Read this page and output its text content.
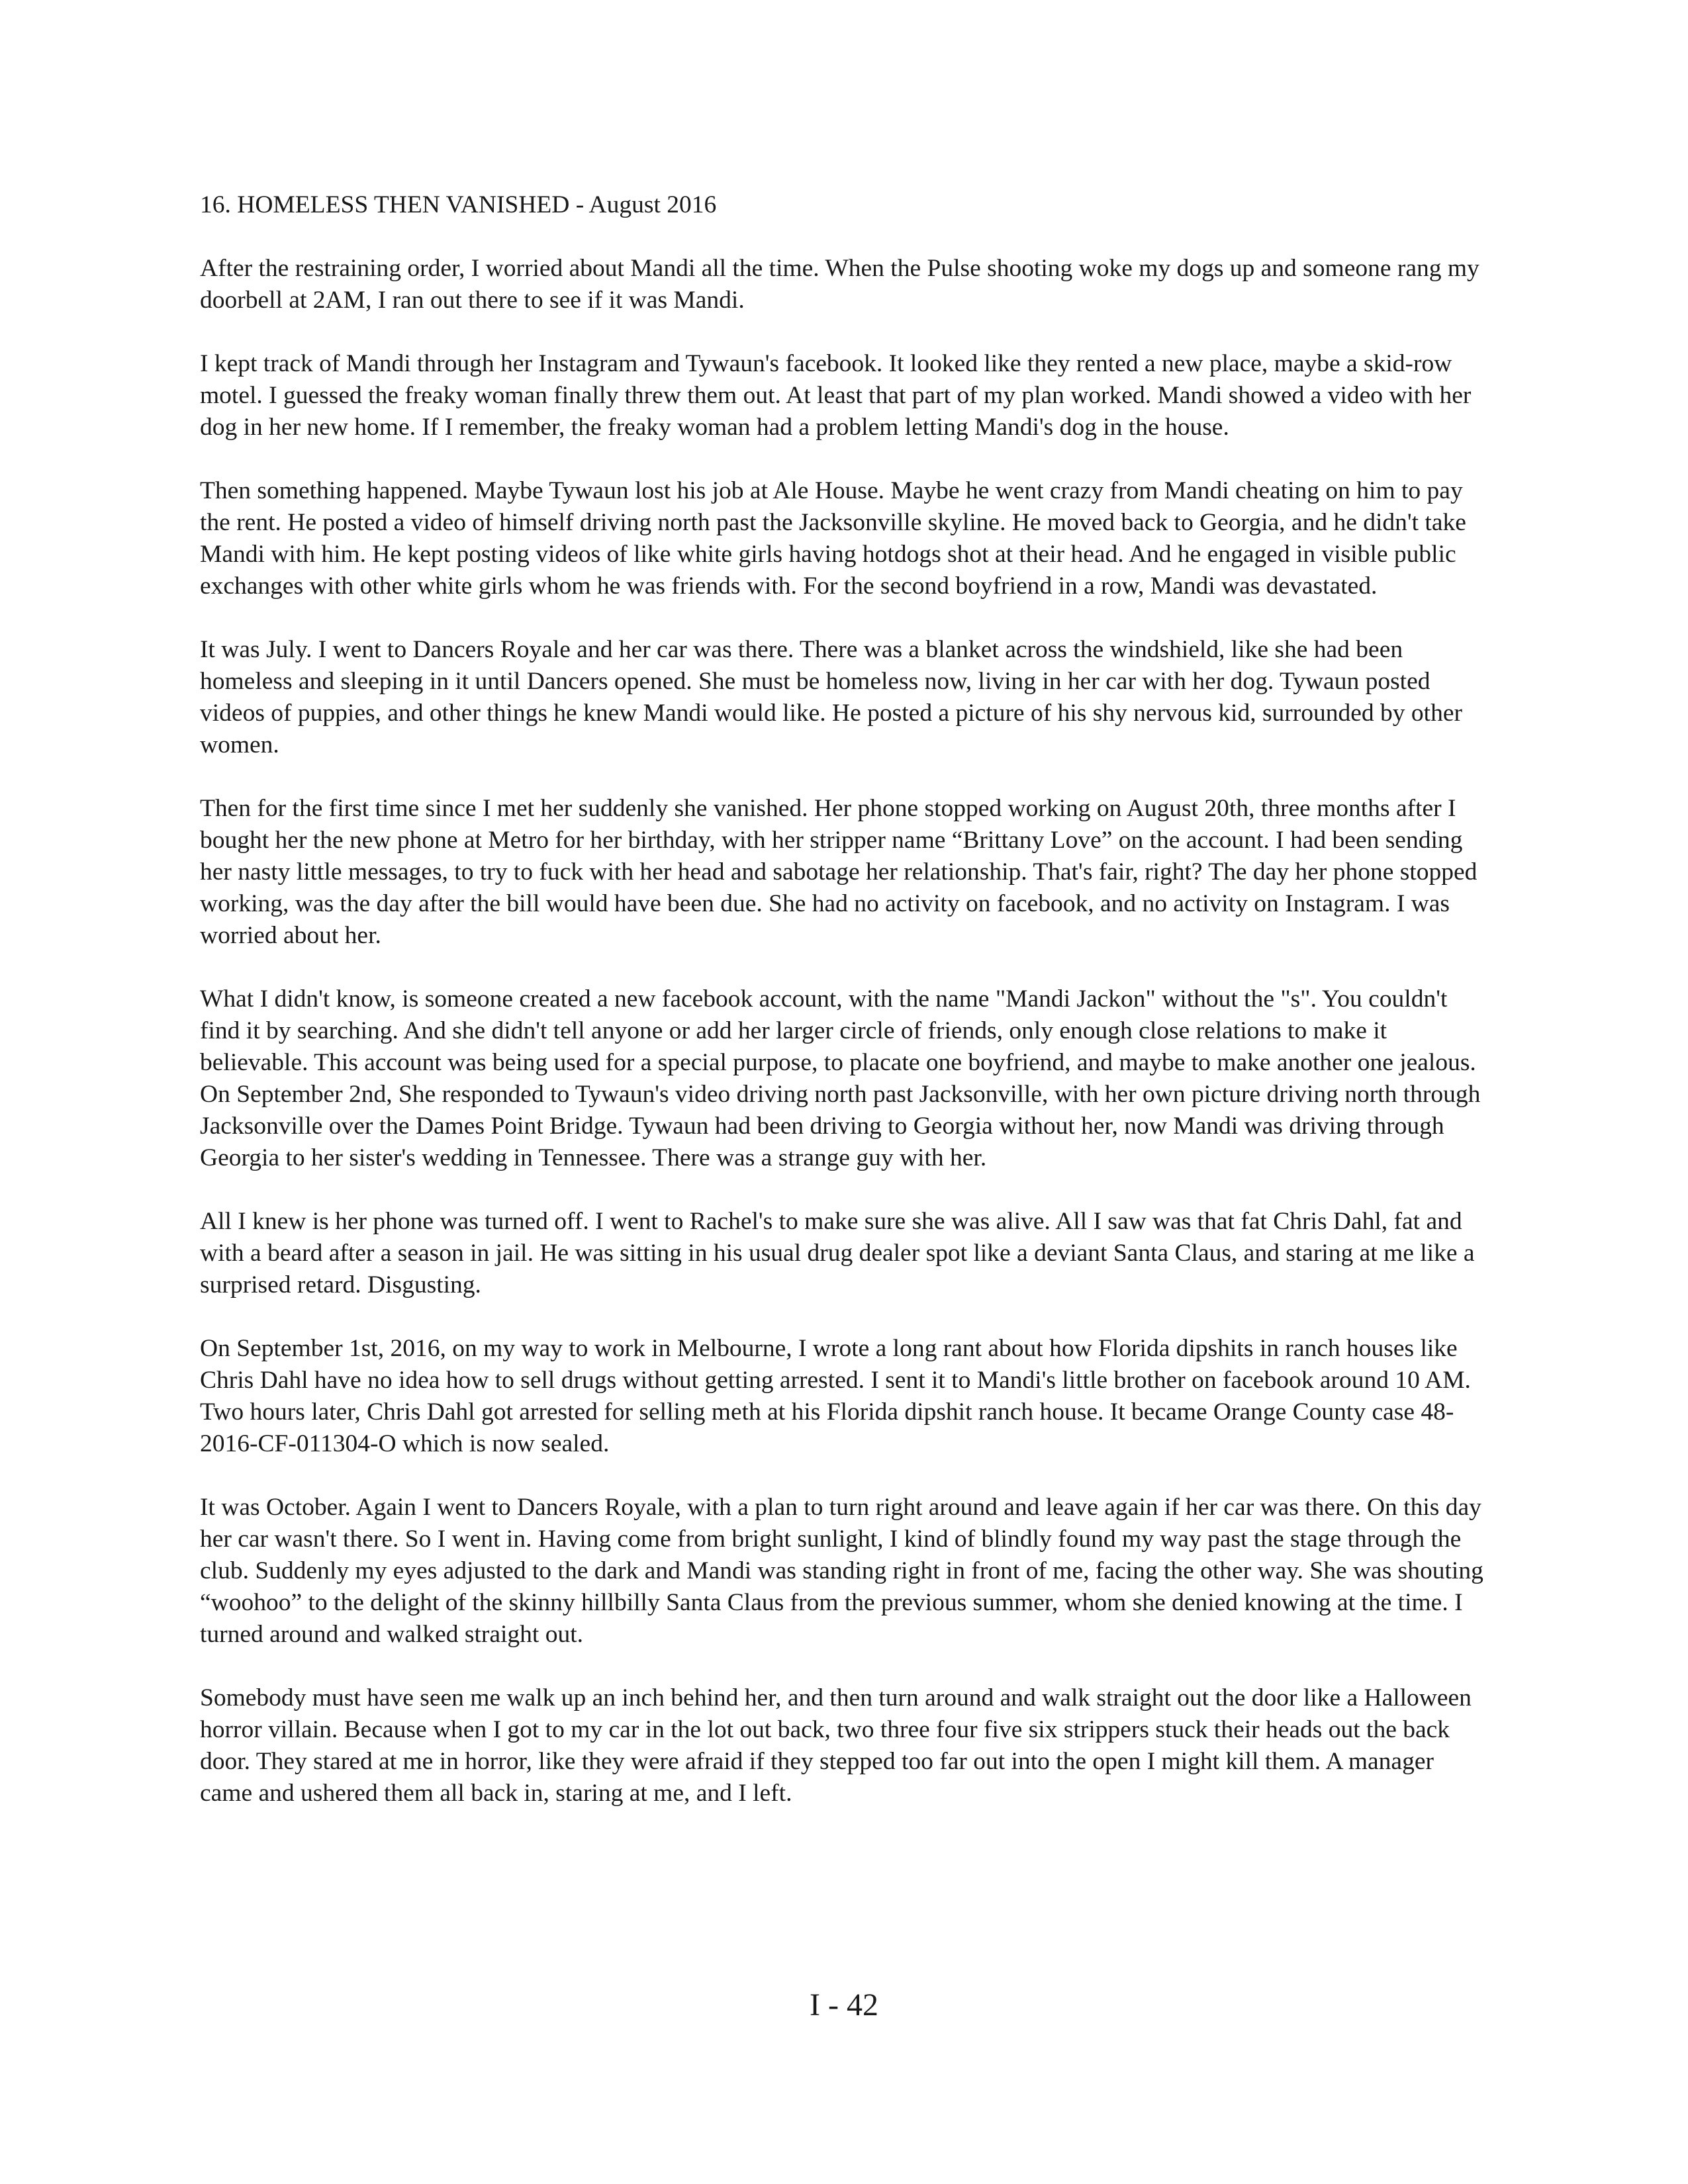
16. HOMELESS THEN VANISHED - August 2016

After the restraining order, I worried about Mandi all the time. When the Pulse shooting woke my dogs up and someone rang my doorbell at 2AM, I ran out there to see if it was Mandi.

I kept track of Mandi through her Instagram and Tywaun's facebook. It looked like they rented a new place, maybe a skid-row motel. I guessed the freaky woman finally threw them out. At least that part of my plan worked. Mandi showed a video with her dog in her new home. If I remember, the freaky woman had a problem letting Mandi's dog in the house.

Then something happened. Maybe Tywaun lost his job at Ale House. Maybe he went crazy from Mandi cheating on him to pay the rent. He posted a video of himself driving north past the Jacksonville skyline. He moved back to Georgia, and he didn't take Mandi with him. He kept posting videos of like white girls having hotdogs shot at their head. And he engaged in visible public exchanges with other white girls whom he was friends with. For the second boyfriend in a row, Mandi was devastated.

It was July. I went to Dancers Royale and her car was there. There was a blanket across the windshield, like she had been homeless and sleeping in it until Dancers opened. She must be homeless now, living in her car with her dog. Tywaun posted videos of puppies, and other things he knew Mandi would like. He posted a picture of his shy nervous kid, surrounded by other women.

Then for the first time since I met her suddenly she vanished. Her phone stopped working on August 20th, three months after I bought her the new phone at Metro for her birthday, with her stripper name “Brittany Love” on the account. I had been sending her nasty little messages, to try to fuck with her head and sabotage her relationship. That's fair, right? The day her phone stopped working, was the day after the bill would have been due. She had no activity on facebook, and no activity on Instagram. I was worried about her.

What I didn't know, is someone created a new facebook account, with the name "Mandi Jackon" without the "s". You couldn't find it by searching. And she didn't tell anyone or add her larger circle of friends, only enough close relations to make it believable. This account was being used for a special purpose, to placate one boyfriend, and maybe to make another one jealous. On September 2nd, She responded to Tywaun's video driving north past Jacksonville, with her own picture driving north through Jacksonville over the Dames Point Bridge. Tywaun had been driving to Georgia without her, now Mandi was driving through Georgia to her sister's wedding in Tennessee. There was a strange guy with her.

All I knew is her phone was turned off. I went to Rachel's to make sure she was alive. All I saw was that fat Chris Dahl, fat and with a beard after a season in jail. He was sitting in his usual drug dealer spot like a deviant Santa Claus, and staring at me like a surprised retard. Disgusting.

On September 1st, 2016, on my way to work in Melbourne, I wrote a long rant about how Florida dipshits in ranch houses like Chris Dahl have no idea how to sell drugs without getting arrested. I sent it to Mandi's little brother on facebook around 10 AM. Two hours later, Chris Dahl got arrested for selling meth at his Florida dipshit ranch house. It became Orange County case 48-2016-CF-011304-O which is now sealed.

It was October. Again I went to Dancers Royale, with a plan to turn right around and leave again if her car was there. On this day her car wasn't there. So I went in. Having come from bright sunlight, I kind of blindly found my way past the stage through the club. Suddenly my eyes adjusted to the dark and Mandi was standing right in front of me, facing the other way. She was shouting “woohoo” to the delight of the skinny hillbilly Santa Claus from the previous summer, whom she denied knowing at the time. I turned around and walked straight out.

Somebody must have seen me walk up an inch behind her, and then turn around and walk straight out the door like a Halloween horror villain. Because when I got to my car in the lot out back, two three four five six strippers stuck their heads out the back door. They stared at me in horror, like they were afraid if they stepped too far out into the open I might kill them. A manager came and ushered them all back in, staring at me, and I left.

I - 42
